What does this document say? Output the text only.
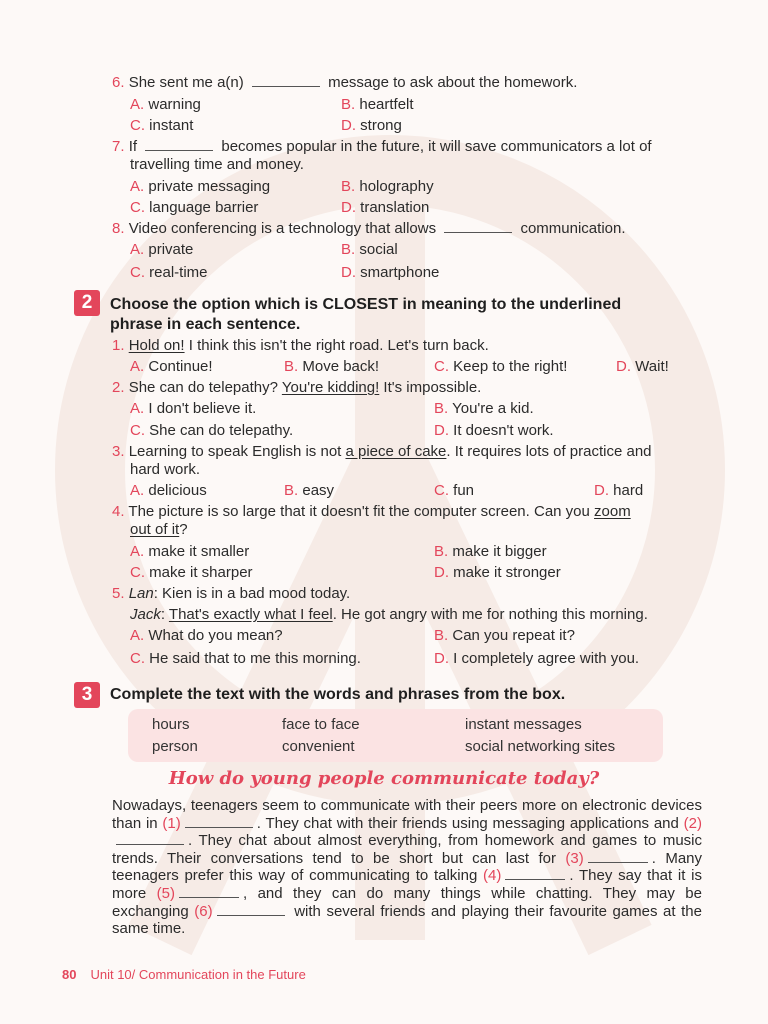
6. She sent me a(n)	message to ask about the homework.
A. warning	B. heartfelt
C. instant	D. strong
7. If	becomes popular in the future, it will save communicators a lot of
travelling time and money.
A. private messaging	B. holography
C. language barrier	D. translation
8. Video conferencing is a technology that allows	communication.
A. private	B. social
C. real-time	D. smartphone
2	Choose the option which is CLOSEST in meaning to the underlined
phrase in each sentence.
1. Hold on! I think this isn't the right road. Let's turn back.
A. Continue!	B. Move back!	C. Keep to the right!	D. Wait!
2. She can do telepathy? You're kidding! It's impossible.
A. I don't believe it.	B. You're a kid.
C. She can do telepathy.	D. It doesn't work.
3. Learning to speak English is not a piece of cake. It requires lots of practice and
hard work.
A. delicious	B. easy	C. fun	D. hard
4. The picture is so large that it doesn't fit the computer screen. Can you zoom
out of it?
A. make it smaller	B. make it bigger
C. make it sharper	D. make it stronger
5. Lan: Kien is in a bad mood today.
Jack: That's exactly what I feel. He got angry with me for nothing this morning.
A. What do you mean?	B. Can you repeat it?
C. He said that to me this morning.	D. I completely agree with you.
3	Complete the text with the words and phrases from the box.
hours	face to face	instant messages
person	convenient	social networking sites
How do young people communicate today?
Nowadays, teenagers seem to communicate with their peers more on electronic devices than in (1)	. They chat with their friends using messaging applications and (2). They chat about almost everything, from homework and games to music trends. Their conversations tend to be short but can last for (3)	. Many teenagers prefer this way of communicating to talking (4)	. They say that it is more (5)	, and they can do many things while chatting. They may be exchanging (6)	with several friends and playing their favourite games at the same time.
80 Unit 10/ Communication in the Future
